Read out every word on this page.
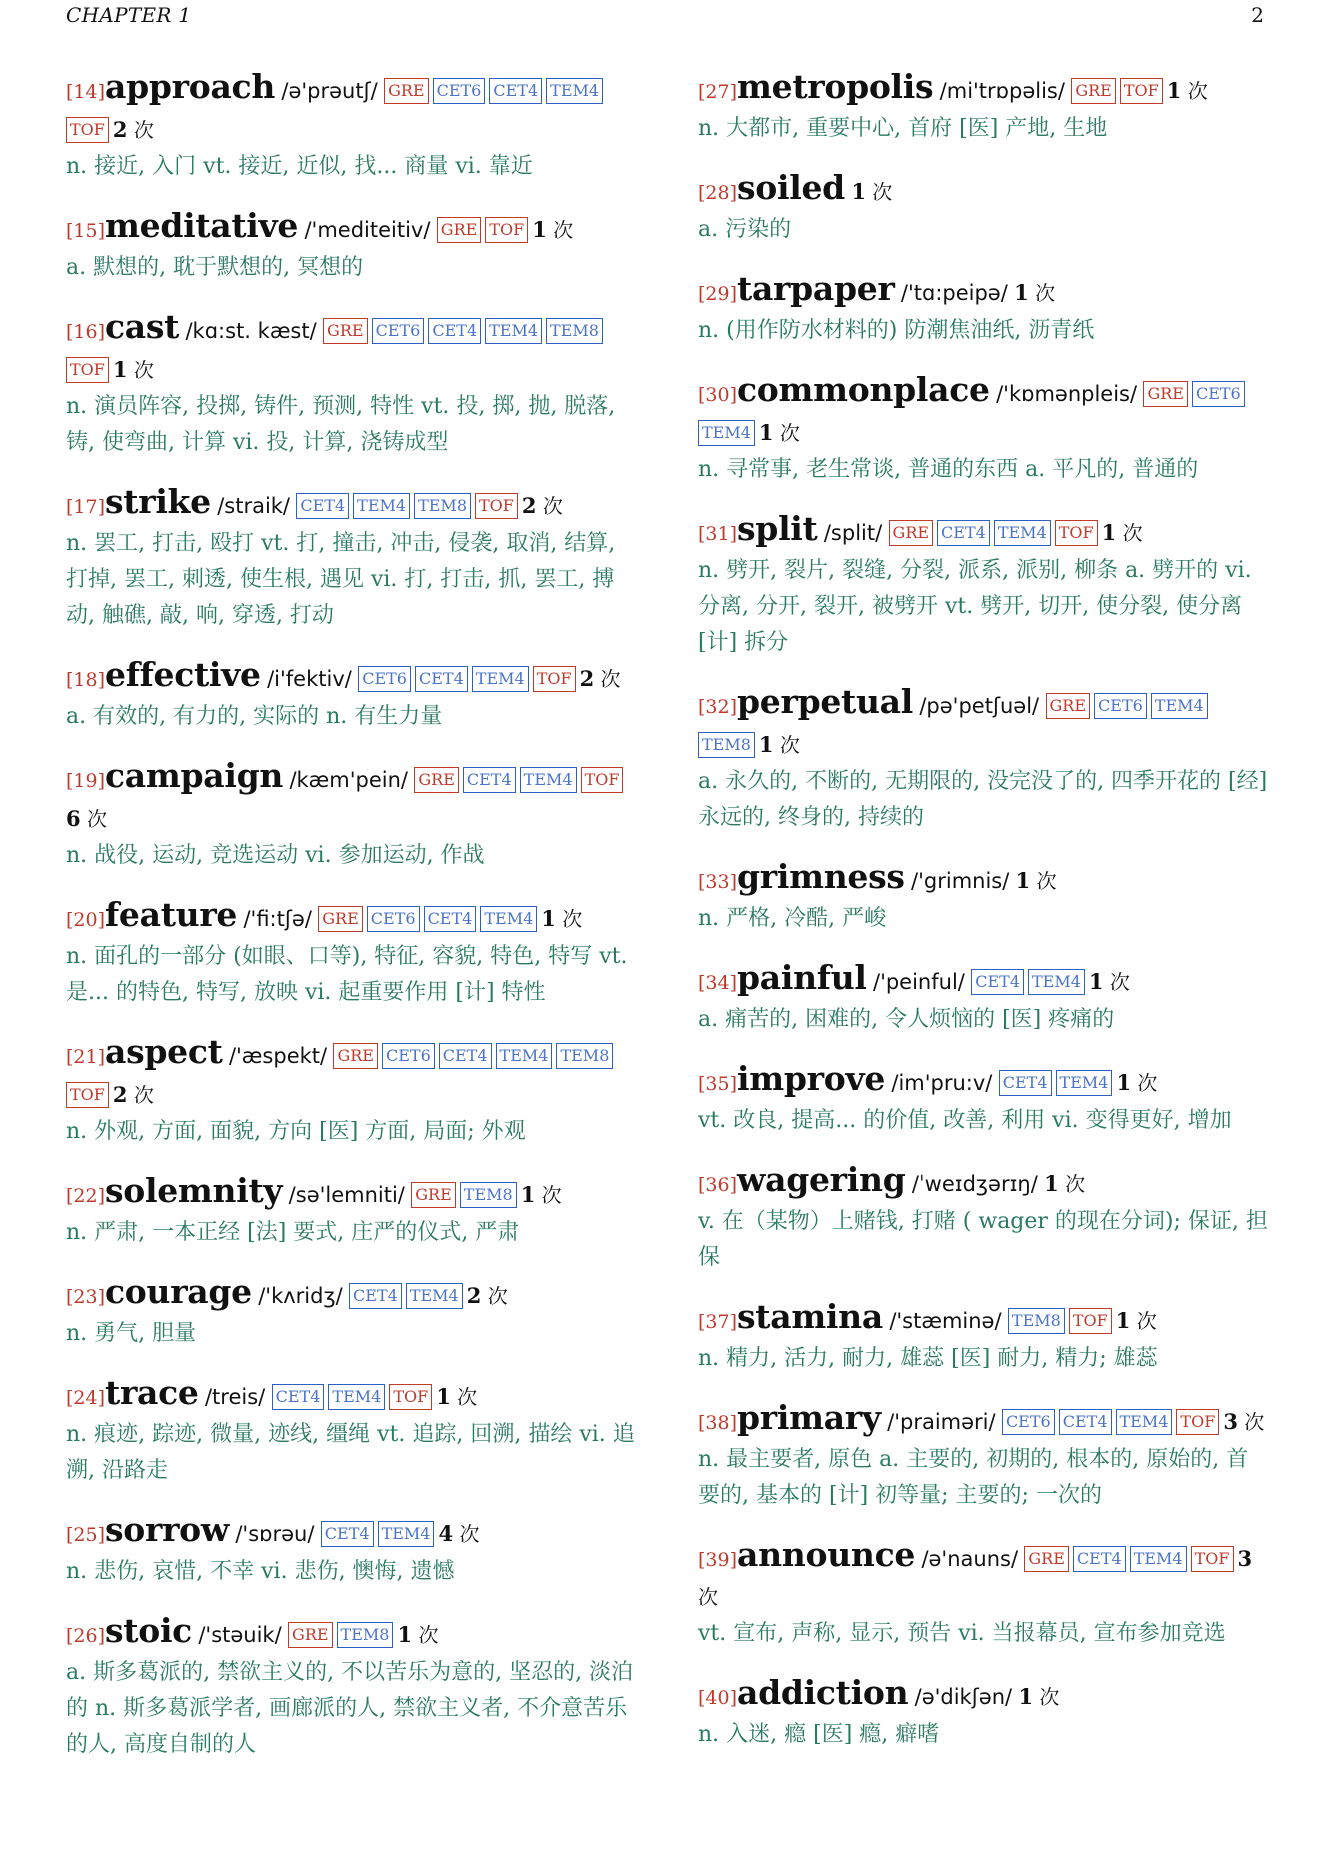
CHAPTER 1	2
[14]approach /ə'prəutʃ/ GRE CET6 CET4 TEM4TOF 2 次
n. 接近, 入门 vt. 接近, 近似, 找... 商量 vi. 靠近
[15]meditative /'mediteitiv/ GRE TOF 1 次
a. 默想的, 耽于默想的, 冥想的
[16]cast /kɑ:st. kæst/ GRE CET6 CET4 TEM4 TEM8TOF 1 次
n. 演员阵容, 投掷, 铸件, 预测, 特性 vt. 投, 掷, 抛, 脱落, 铸, 使弯曲, 计算 vi. 投, 计算, 浇铸成型
[17]strike /straik/ CET4 TEM4 TEM8 TOF 2 次
n. 罢工, 打击, 殴打 vt. 打, 撞击, 冲击, 侵袭, 取消, 结算, 打掉, 罢工, 刺透, 使生根, 遇见 vi. 打, 打击, 抓, 罢工, 搏动, 触礁, 敲, 响, 穿透, 打动
[18]effective /i'fektiv/ CET6 CET4 TEM4 TOF 2 次
a. 有效的, 有力的, 实际的 n. 有生力量
[19]campaign /kæm'pein/ GRE CET4 TEM4 TOF6 次
n. 战役, 运动, 竞选运动 vi. 参加运动, 作战
[20]feature /'fi:tʃə/ GRE CET6 CET4 TEM4 1 次
n. 面孔的一部分 (如眼、口等), 特征, 容貌, 特色, 特写 vt. 是... 的特色, 特写, 放映 vi. 起重要作用 [计] 特性
[21]aspect /'æspekt/ GRE CET6 CET4 TEM4 TEM8TOF 2 次
n. 外观, 方面, 面貌, 方向 [医] 方面, 局面; 外观
[22]solemnity /sə'lemniti/ GRE TEM8 1 次
n. 严肃, 一本正经 [法] 要式, 庄严的仪式, 严肃
[23]courage /'kʌridʒ/ CET4 TEM4 2 次
n. 勇气, 胆量
[24]trace /treis/ CET4 TEM4 TOF 1 次
n. 痕迹, 踪迹, 微量, 迹线, 缰绳 vt. 追踪, 回溯, 描绘 vi. 追溯, 沿路走
[25]sorrow /'sɒrəu/ CET4 TEM4 4 次
n. 悲伤, 哀惜, 不幸 vi. 悲伤, 懊悔, 遗憾
[26]stoic /'stəuik/ GRE TEM8 1 次
a. 斯多葛派的, 禁欲主义的, 不以苦乐为意的, 坚忍的, 淡泊的 n. 斯多葛派学者, 画廊派的人, 禁欲主义者, 不介意苦乐的人, 高度自制的人
[27]metropolis /mi'trɒpəlis/ GRE TOF 1 次
n. 大都市, 重要中心, 首府 [医] 产地, 生地
[28]soiled 1 次
a. 污染的
[29]tarpaper /'tɑ:peipə/ 1 次
n. (用作防水材料的) 防潮焦油纸, 沥青纸
[30]commonplace /'kɒmənpleis/ GRE CET6TEM4 1 次
n. 寻常事, 老生常谈, 普通的东西 a. 平凡的, 普通的
[31]split /split/ GRE CET4 TEM4 TOF 1 次
n. 劈开, 裂片, 裂缝, 分裂, 派系, 派别, 柳条 a. 劈开的 vi. 分离, 分开, 裂开, 被劈开 vt. 劈开, 切开, 使分裂, 使分离 [计] 拆分
[32]perpetual /pə'petʃuəl/ GRE CET6 TEM4TEM8 1 次
a. 永久的, 不断的, 无期限的, 没完没了的, 四季开花的 [经] 永远的, 终身的, 持续的
[33]grimness /'grimnis/ 1 次
n. 严格, 冷酷, 严峻
[34]painful /'peinful/ CET4 TEM4 1 次
a. 痛苦的, 困难的, 令人烦恼的 [医] 疼痛的
[35]improve /im'pru:v/ CET4 TEM4 1 次
vt. 改良, 提高... 的价值, 改善, 利用 vi. 变得更好, 增加
[36]wagering /ˈweɪdʒərɪŋ/ 1 次
v. 在（某物）上赌钱, 打赌 ( wager 的现在分词); 保证, 担保
[37]stamina /'stæminə/ TEM8 TOF 1 次
n. 精力, 活力, 耐力, 雄蕊 [医] 耐力, 精力; 雄蕊
[38]primary /'praiməri/ CET6 CET4 TEM4 TOF 3 次
n. 最主要者, 原色 a. 主要的, 初期的, 根本的, 原始的, 首要的, 基本的 [计] 初等量; 主要的; 一次的
[39]announce /ə'nauns/ GRE CET4 TEM4 TOF 3 次
vt. 宣布, 声称, 显示, 预告 vi. 当报幕员, 宣布参加竞选
[40]addiction /ə'dikʃən/ 1 次
n. 入迷, 瘾 [医] 瘾, 癖嗜
